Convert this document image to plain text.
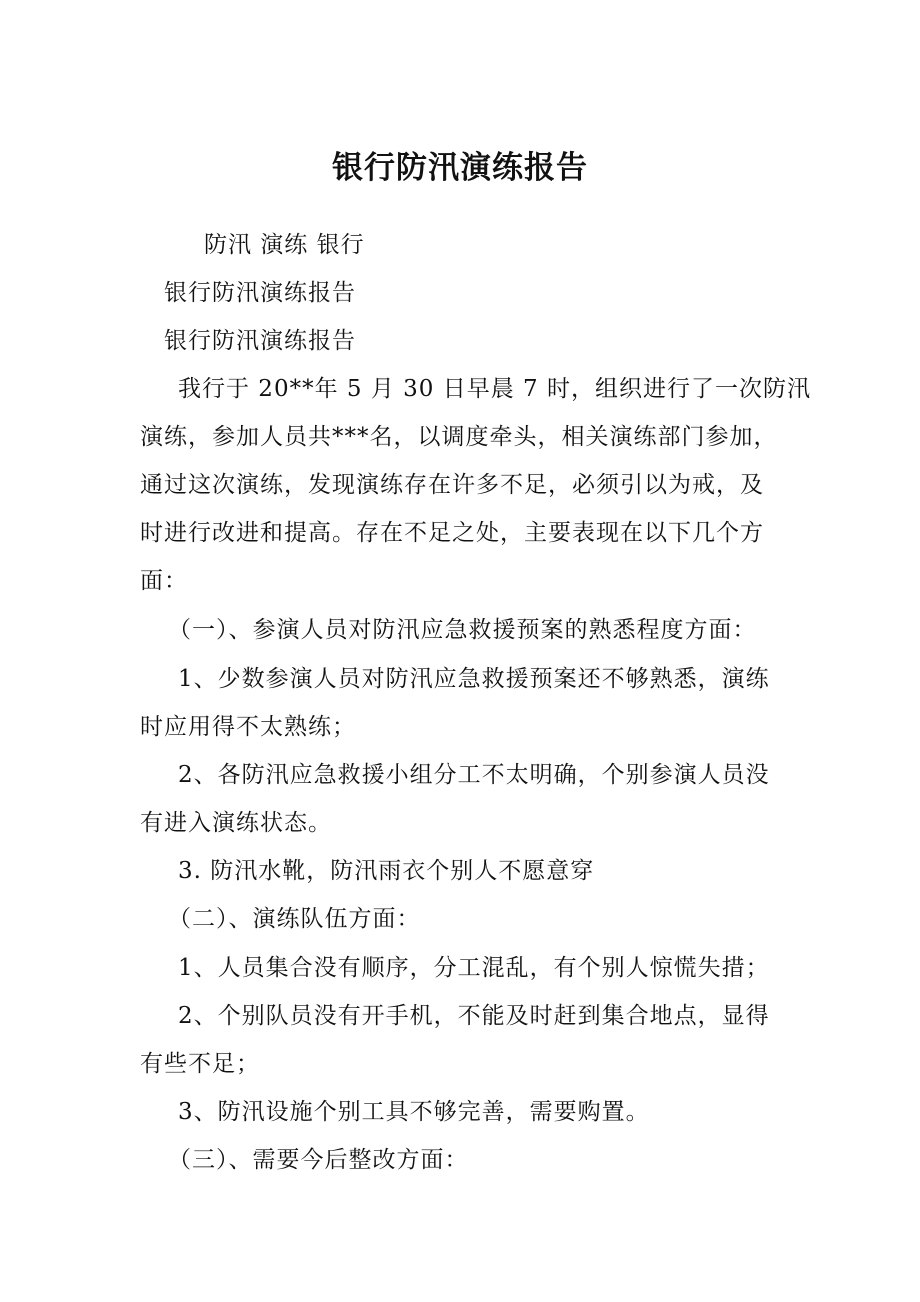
银行防汛演练报告
防汛 演练 银行
银行防汛演练报告
银行防汛演练报告
我行于 20**年 5 月 30 日早晨 7 时，组织进行了一次防汛
演练，参加人员共***名，以调度牵头，相关演练部门参加，
通过这次演练，发现演练存在许多不足，必须引以为戒，及
时进行改进和提高。存在不足之处，主要表现在以下几个方
面：
（一）、参演人员对防汛应急救援预案的熟悉程度方面：
1、少数参演人员对防汛应急救援预案还不够熟悉，演练
时应用得不太熟练；
2、各防汛应急救援小组分工不太明确，个别参演人员没
有进入演练状态。
3. 防汛水靴，防汛雨衣个别人不愿意穿
（二）、演练队伍方面：
1、人员集合没有顺序，分工混乱，有个别人惊慌失措；
2、个别队员没有开手机，不能及时赶到集合地点，显得
有些不足；
3、防汛设施个别工具不够完善，需要购置。
（三）、需要今后整改方面：
